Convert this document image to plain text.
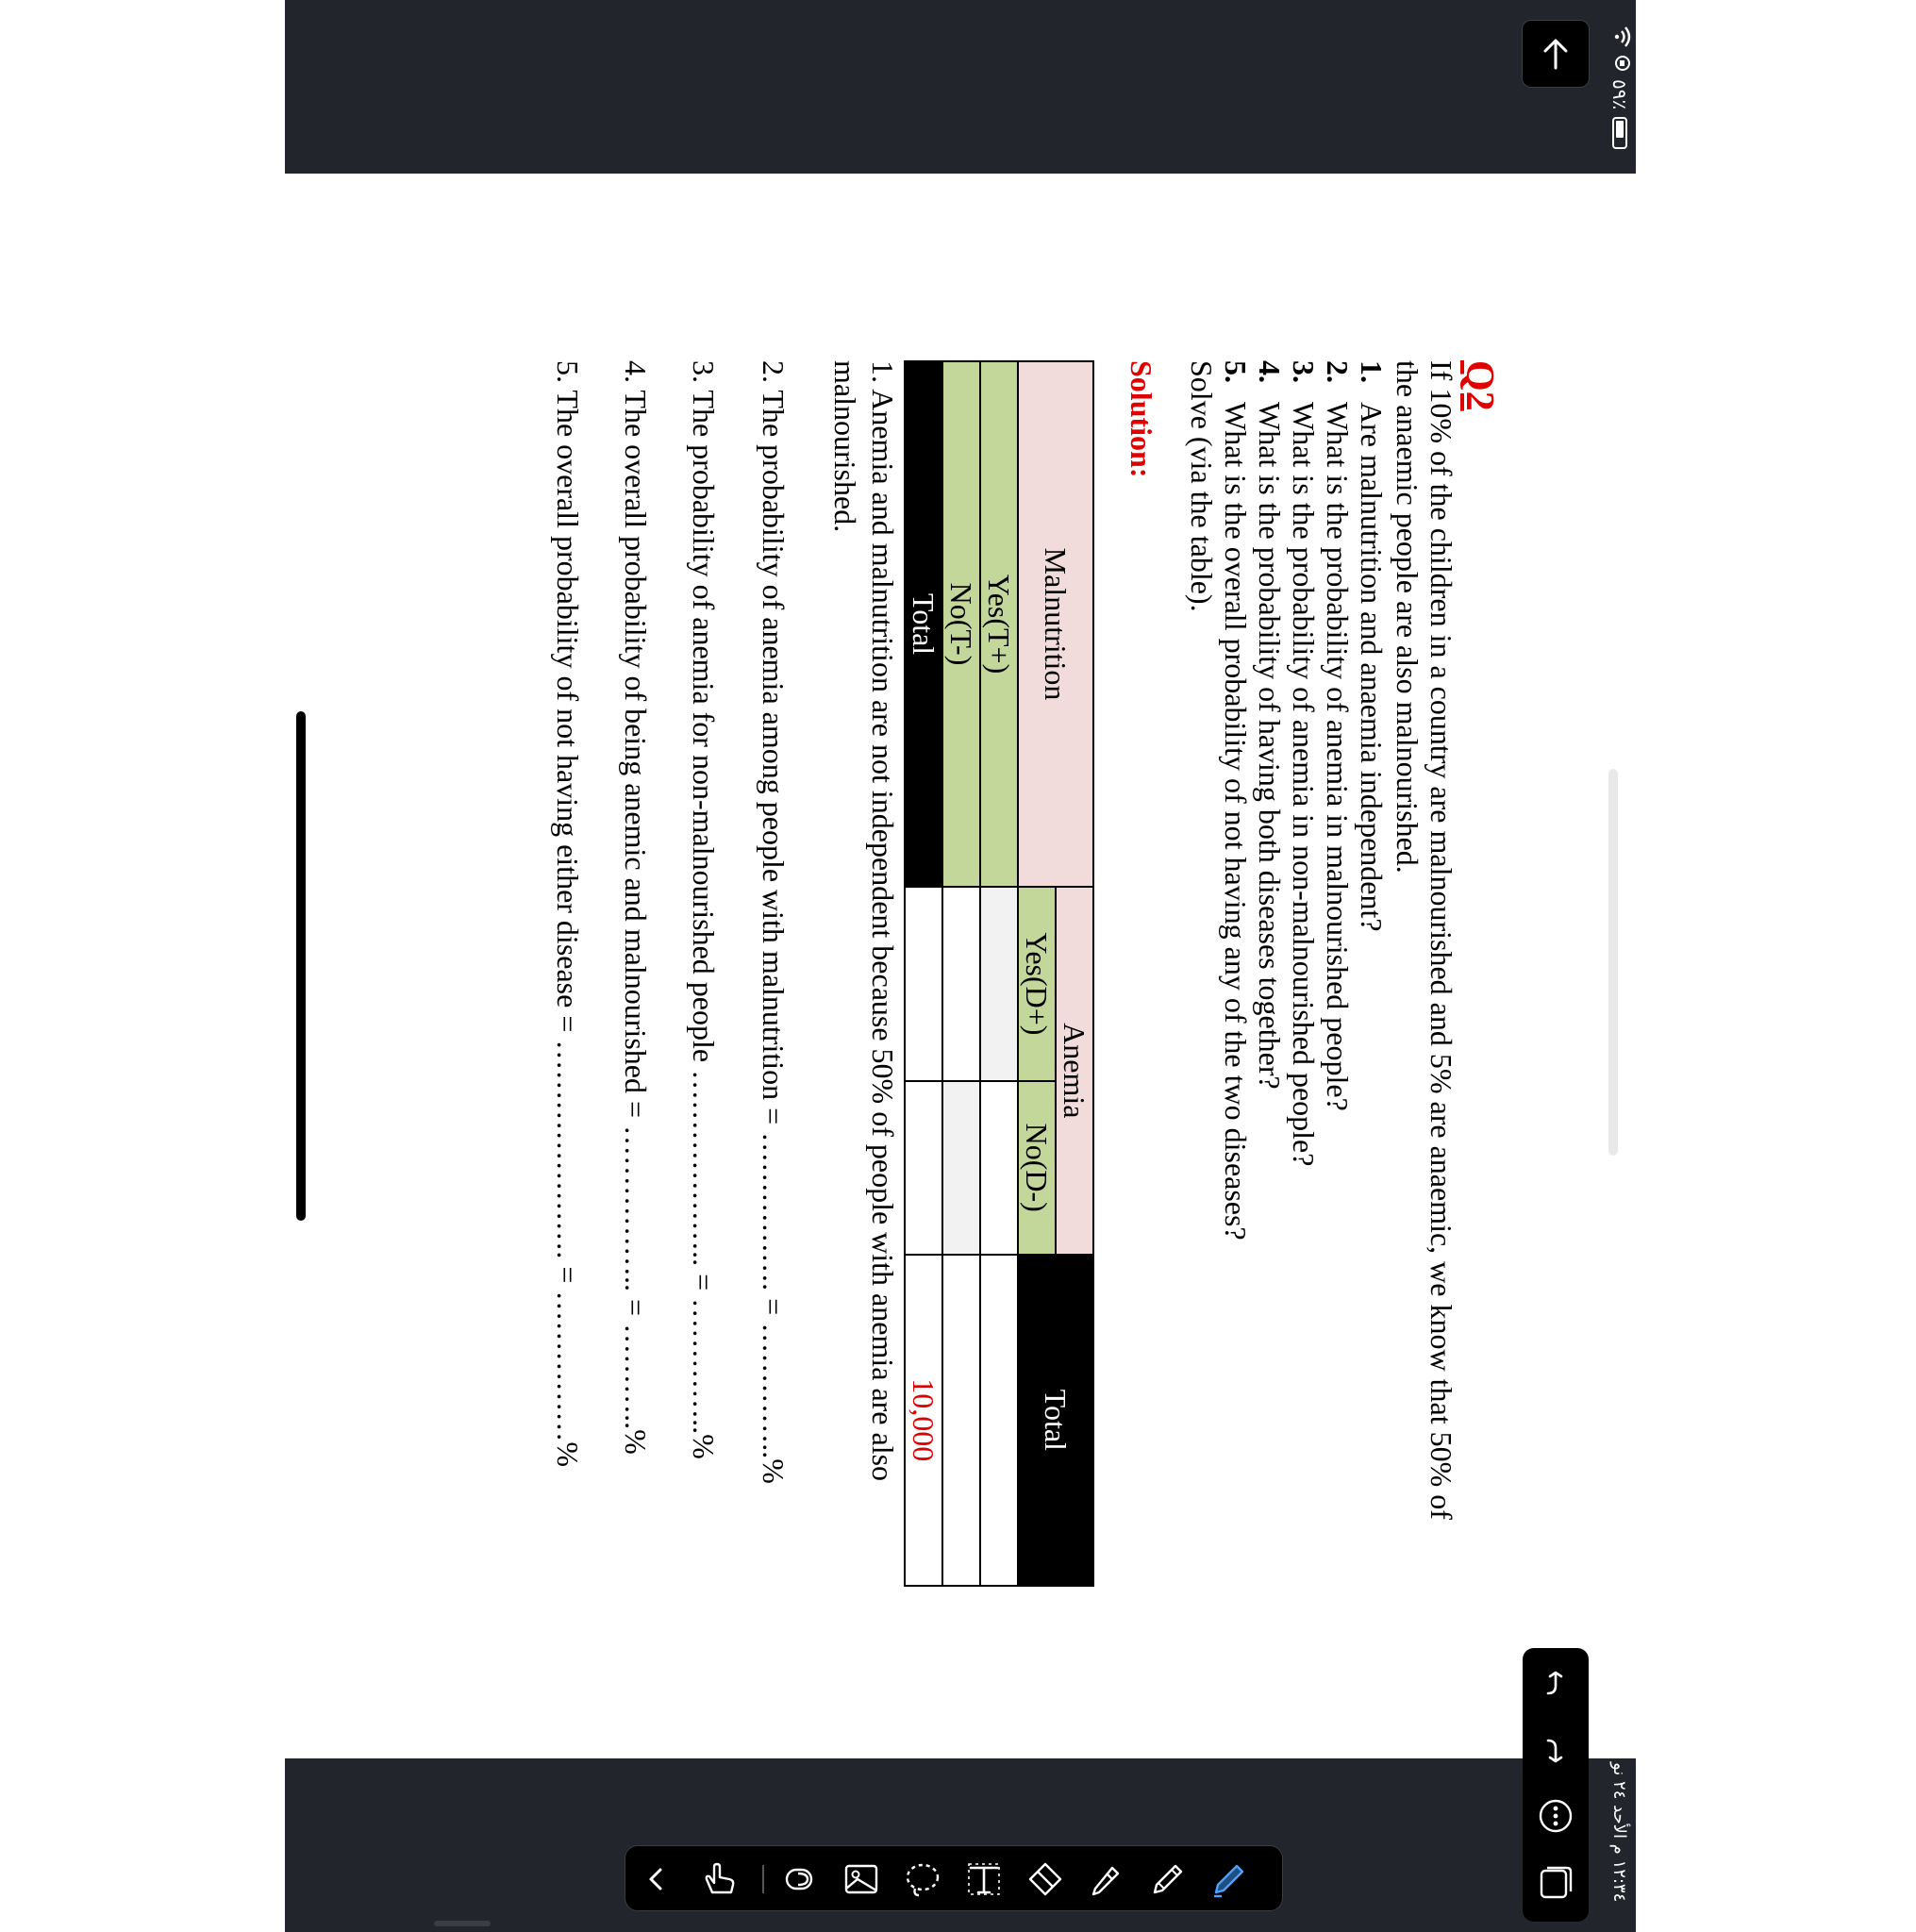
٥٩٪
١٢:٣٤ م الأحد ٢٤ نو
Q2
If 10% of the children in a country are malnourished and 5% are anaemic, we know that 50% of the anaemic people are also malnourished.
1.
Are malnutrition and anaemia independent?
2.
What is the probability of anemia in malnourished people?
3.
What is the probability of anemia in non-malnourished people?
4.
What is the probability of having both diseases together?
5.
What is the overall probability of not having any of the two diseases?
Solve (via the table).
Solution:
Malnutrition	Anemia		Total
	Yes(D+)	No(D-)	
Yes(T+)			
No(T-)			
Total			10,000
1. Anemia and malnutrition are not independent because 50% of people with anemia are also malnourished.
2. The probability of anemia among people with malnutrition = ……………. = …………..%
3. The probability of anemia for non-malnourished people ……………….. = …………..%
4. The overall probability of being anemic and malnourished = …………….. = ………..%
5. The overall probability of not having either disease = …………………. = ……………%
